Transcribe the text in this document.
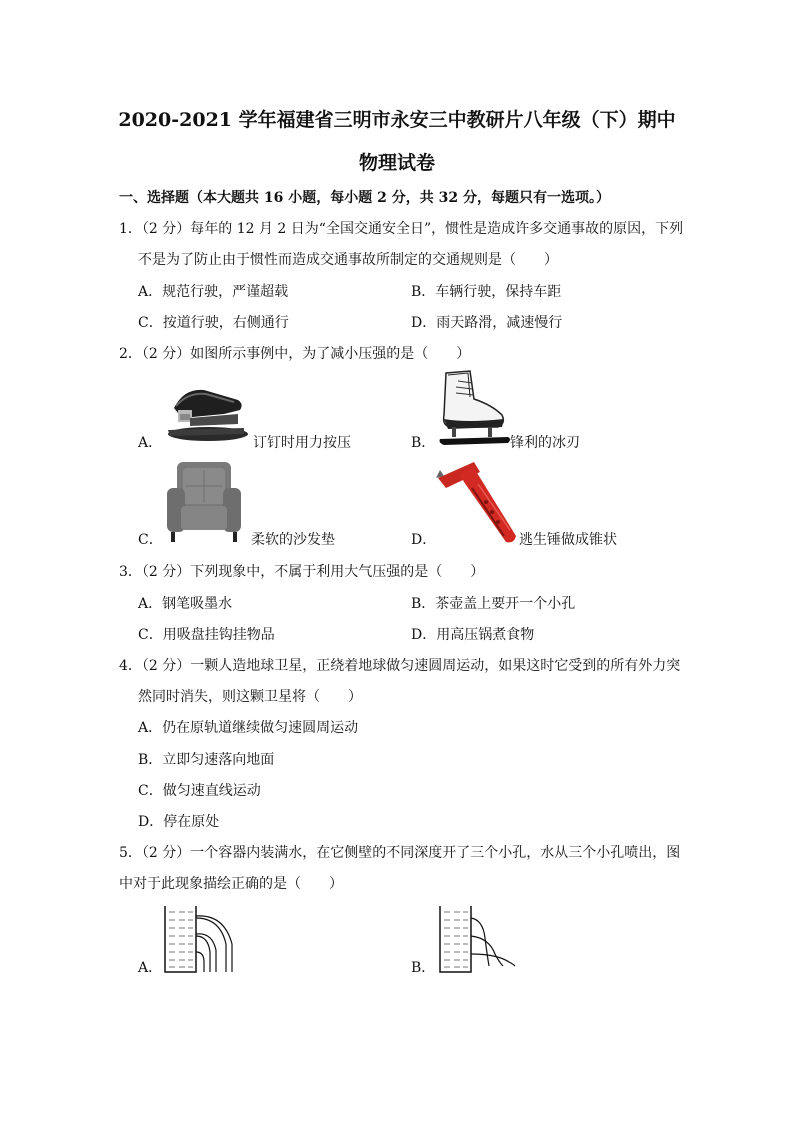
2020-2021 学年福建省三明市永安三中教研片八年级（下）期中
物理试卷
一、选择题（本大题共 16 小题，每小题 2 分，共 32 分，每题只有一选项。）
1．（2 分）每年的 12 月 2 日为“全国交通安全日”，惯性是造成许多交通事故的原因，下列
不是为了防止由于惯性而造成交通事故所制定的交通规则是（　　）
A．规范行驶，严谨超载	B．车辆行驶，保持车距
C．按道行驶，右侧通行	D．雨天路滑，减速慢行
2．（2 分）如图所示事例中，为了减小压强的是（　　）
A．	订钉时用力按压	B．	锋利的冰刃
C．	柔软的沙发垫	D．	逃生锤做成锥状
3．（2 分）下列现象中，不属于利用大气压强的是（　　）
A．钢笔吸墨水	B．茶壶盖上要开一个小孔
C．用吸盘挂钩挂物品	D．用高压锅煮食物
4．（2 分）一颗人造地球卫星，正绕着地球做匀速圆周运动，如果这时它受到的所有外力突
然同时消失，则这颗卫星将（　　）
A．仍在原轨道继续做匀速圆周运动
B．立即匀速落向地面
C．做匀速直线运动
D．停在原处
5．（2 分）一个容器内装满水，在它侧壁的不同深度开了三个小孔，水从三个小孔喷出，图
中对于此现象描绘正确的是（　　）
A．	B．
